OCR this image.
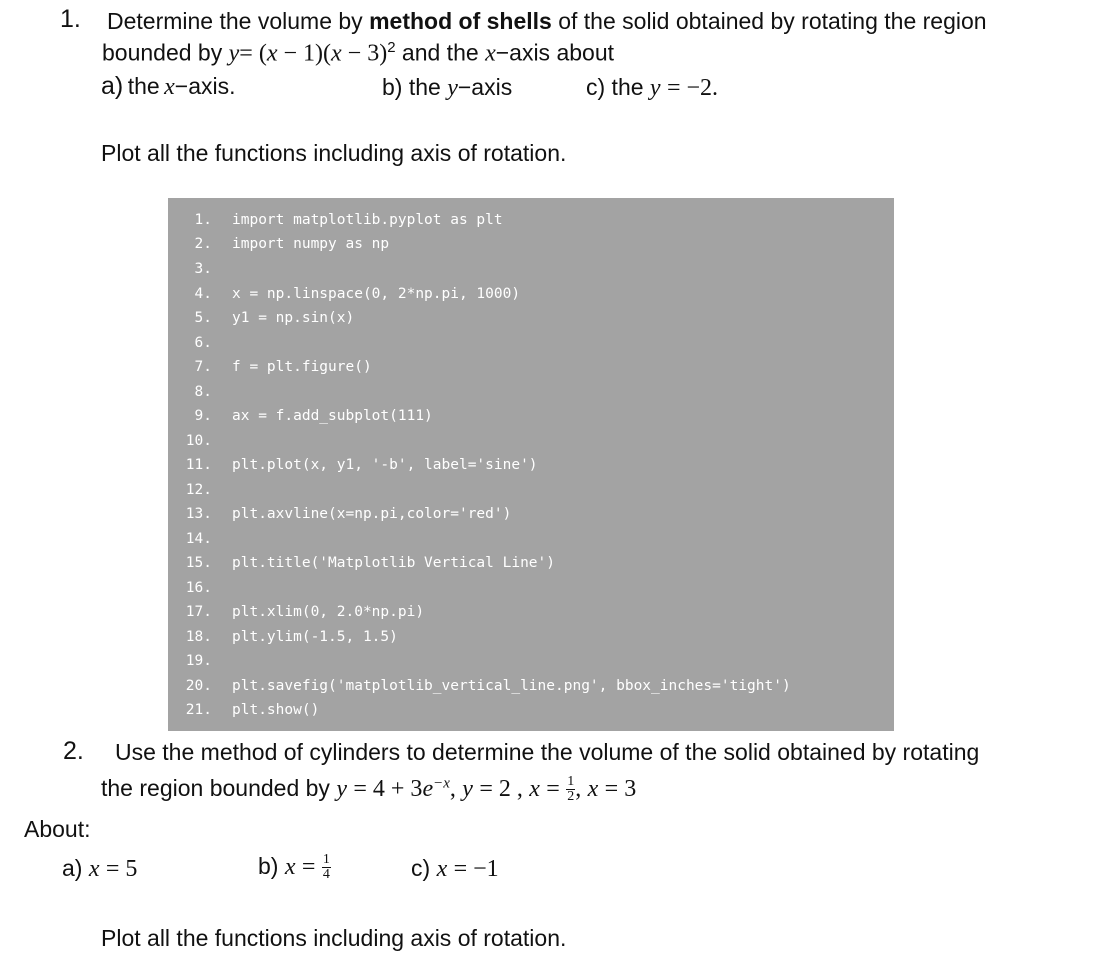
1. Determine the volume by method of shells of the solid obtained by rotating the region
bounded by $y= (x - 1)(x - 3)^2$ and the x−axis about
a) the x−axis.	b) the y−axis	c) the y = −2.
Plot all the functions including axis of rotation.
1. import matplotlib.pyplot as plt
2. import numpy as np
3.
4. x = np.linspace(0, 2*np.pi, 1000)
5. y1 = np.sin(x)
6.
7. f = plt.figure()
8.
9. ax = f.add_subplot(111)
10.
11. plt.plot(x, y1, '-b', label='sine')
12.
13. plt.axvline(x=np.pi,color='red')
14.
15. plt.title('Matplotlib Vertical Line')
16.
17. plt.xlim(0, 2.0*np.pi)
18. plt.ylim(-1.5, 1.5)
19.
20. plt.savefig('matplotlib_vertical_line.png', bbox_inches='tight')
21. plt.show()
2. Use the method of cylinders to determine the volume of the solid obtained by rotating
the region bounded by $y = 4 + 3e^{-x}$, y = 2 , $x = \frac{1}{2}$ , x = 3
About:
a) x = 5	b) $x = \frac{1}{4}$	c) x = −1
Plot all the functions including axis of rotation.
